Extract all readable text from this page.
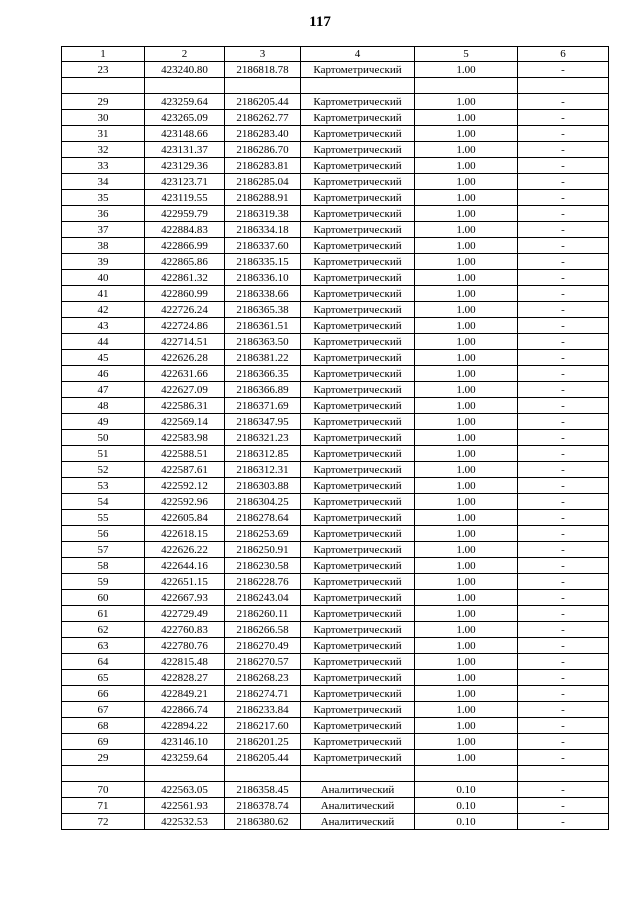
117
1	2	3	4	5	6
23	423240.80	2186818.78	Картометрический	1.00	-

29	423259.64	2186205.44	Картометрический	1.00	-
30	423265.09	2186262.77	Картометрический	1.00	-
31	423148.66	2186283.40	Картометрический	1.00	-
32	423131.37	2186286.70	Картометрический	1.00	-
33	423129.36	2186283.81	Картометрический	1.00	-
34	423123.71	2186285.04	Картометрический	1.00	-
35	423119.55	2186288.91	Картометрический	1.00	-
36	422959.79	2186319.38	Картометрический	1.00	-
37	422884.83	2186334.18	Картометрический	1.00	-
38	422866.99	2186337.60	Картометрический	1.00	-
39	422865.86	2186335.15	Картометрический	1.00	-
40	422861.32	2186336.10	Картометрический	1.00	-
41	422860.99	2186338.66	Картометрический	1.00	-
42	422726.24	2186365.38	Картометрический	1.00	-
43	422724.86	2186361.51	Картометрический	1.00	-
44	422714.51	2186363.50	Картометрический	1.00	-
45	422626.28	2186381.22	Картометрический	1.00	-
46	422631.66	2186366.35	Картометрический	1.00	-
47	422627.09	2186366.89	Картометрический	1.00	-
48	422586.31	2186371.69	Картометрический	1.00	-
49	422569.14	2186347.95	Картометрический	1.00	-
50	422583.98	2186321.23	Картометрический	1.00	-
51	422588.51	2186312.85	Картометрический	1.00	-
52	422587.61	2186312.31	Картометрический	1.00	-
53	422592.12	2186303.88	Картометрический	1.00	-
54	422592.96	2186304.25	Картометрический	1.00	-
55	422605.84	2186278.64	Картометрический	1.00	-
56	422618.15	2186253.69	Картометрический	1.00	-
57	422626.22	2186250.91	Картометрический	1.00	-
58	422644.16	2186230.58	Картометрический	1.00	-
59	422651.15	2186228.76	Картометрический	1.00	-
60	422667.93	2186243.04	Картометрический	1.00	-
61	422729.49	2186260.11	Картометрический	1.00	-
62	422760.83	2186266.58	Картометрический	1.00	-
63	422780.76	2186270.49	Картометрический	1.00	-
64	422815.48	2186270.57	Картометрический	1.00	-
65	422828.27	2186268.23	Картометрический	1.00	-
66	422849.21	2186274.71	Картометрический	1.00	-
67	422866.74	2186233.84	Картометрический	1.00	-
68	422894.22	2186217.60	Картометрический	1.00	-
69	423146.10	2186201.25	Картометрический	1.00	-
29	423259.64	2186205.44	Картометрический	1.00	-

70	422563.05	2186358.45	Аналитический	0.10	-
71	422561.93	2186378.74	Аналитический	0.10	-
72	422532.53	2186380.62	Аналитический	0.10	-
